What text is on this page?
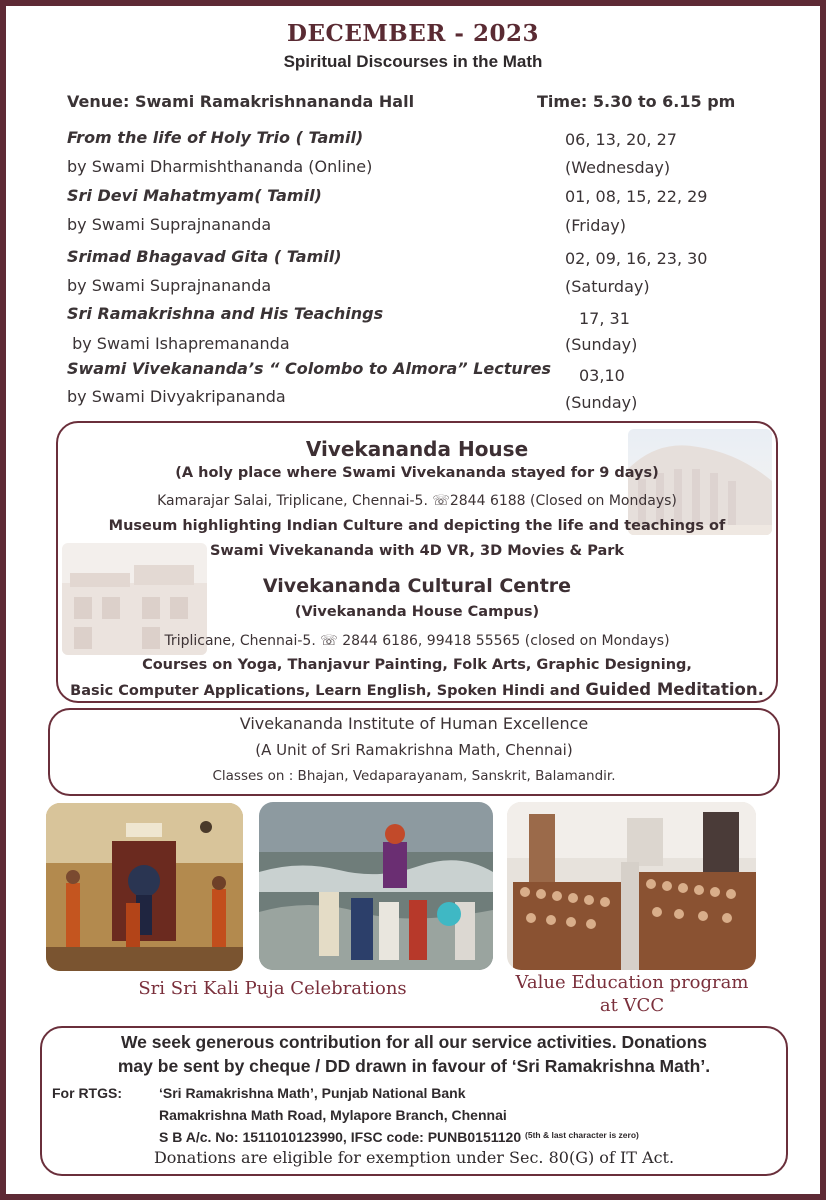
DECEMBER - 2023
Spiritual Discourses in the Math
Venue: Swami Ramakrishnananda Hall	Time: 5.30 to 6.15 pm
From the life of Holy Trio ( Tamil)	06, 13, 20, 27
by Swami Dharmishthananda (Online)	(Wednesday)
Sri Devi Mahatmyam( Tamil)	01, 08, 15, 22, 29
by Swami Suprajnananda	(Friday)
Srimad Bhagavad Gita ( Tamil)	02, 09, 16, 23, 30
by Swami Suprajnananda	(Saturday)
Sri Ramakrishna and His Teachings	17, 31
by Swami Ishapremananda	(Sunday)
Swami Vivekananda’s “ Colombo to Almora” Lectures 03,10
by Swami Divyakripananda	(Sunday)
Vivekananda House
(A holy place where Swami Vivekananda stayed for 9 days)
Kamarajar Salai, Triplicane, Chennai-5. ☏2844 6188 (Closed on Mondays)
Museum highlighting Indian Culture and depicting the life and teachings of
Swami Vivekananda with 4D VR, 3D Movies & Park
Vivekananda Cultural Centre
(Vivekananda House Campus)
Triplicane, Chennai-5. ☏ 2844 6186, 99418 55565 (closed on Mondays)
Courses on Yoga, Thanjavur Painting, Folk Arts, Graphic Designing,
Basic Computer Applications, Learn English, Spoken Hindi and Guided Meditation.
Vivekananda Institute of Human Excellence
(A Unit of Sri Ramakrishna Math, Chennai)
Classes on : Bhajan, Vedaparayanam, Sanskrit, Balamandir.
Sri Sri Kali Puja Celebrations	Value Education program
at VCC
We seek generous contribution for all our service activities. Donations
may be sent by cheque / DD drawn in favour of ‘Sri Ramakrishna Math’.
For RTGS:	‘Sri Ramakrishna Math’, Punjab National Bank
Ramakrishna Math Road, Mylapore Branch, Chennai
S B A/c. No: 1511010123990, IFSC code: PUNB0151120 $^{(5th \& last character is zero)}$
Donations are eligible for exemption under Sec. 80(G) of IT Act.
